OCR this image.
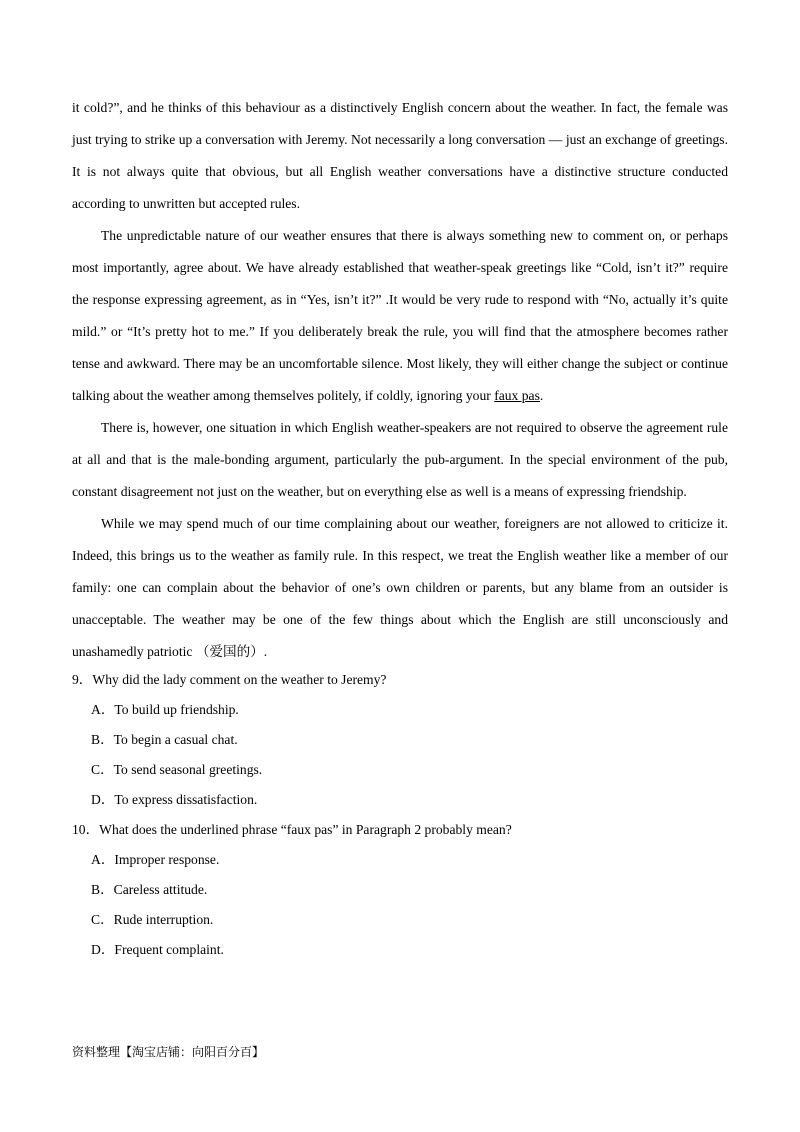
it cold?”, and he thinks of this behaviour as a distinctively English concern about the weather. In fact, the female was just trying to strike up a conversation with Jeremy. Not necessarily a long conversation — just an exchange of greetings. It is not always quite that obvious, but all English weather conversations have a distinctive structure conducted according to unwritten but accepted rules.

The unpredictable nature of our weather ensures that there is always something new to comment on, or perhaps most importantly, agree about. We have already established that weather-speak greetings like “Cold, isn’t it?” require the response expressing agreement, as in “Yes, isn’t it?” .It would be very rude to respond with “No, actually it’s quite mild.” or “It’s pretty hot to me.” If you deliberately break the rule, you will find that the atmosphere becomes rather tense and awkward. There may be an uncomfortable silence. Most likely, they will either change the subject or continue talking about the weather among themselves politely, if coldly, ignoring your faux pas.

There is, however, one situation in which English weather-speakers are not required to observe the agreement rule at all and that is the male-bonding argument, particularly the pub-argument. In the special environment of the pub, constant disagreement not just on the weather, but on everything else as well is a means of expressing friendship.

While we may spend much of our time complaining about our weather, foreigners are not allowed to criticize it. Indeed, this brings us to the weather as family rule. In this respect, we treat the English weather like a member of our family: one can complain about the behavior of one’s own children or parents, but any blame from an outsider is unacceptable. The weather may be one of the few things about which the English are still unconsciously and unashamedly patriotic （爱国的）.

9．Why did the lady comment on the weather to Jeremy?

A．To build up friendship.

B．To begin a casual chat.

C．To send seasonal greetings.

D．To express dissatisfaction.

10．What does the underlined phrase “faux pas” in Paragraph 2 probably mean?

A．Improper response.

B．Careless attitude.

C．Rude interruption.

D．Frequent complaint.

资料整理【淘宝店铺：向阳百分百】
